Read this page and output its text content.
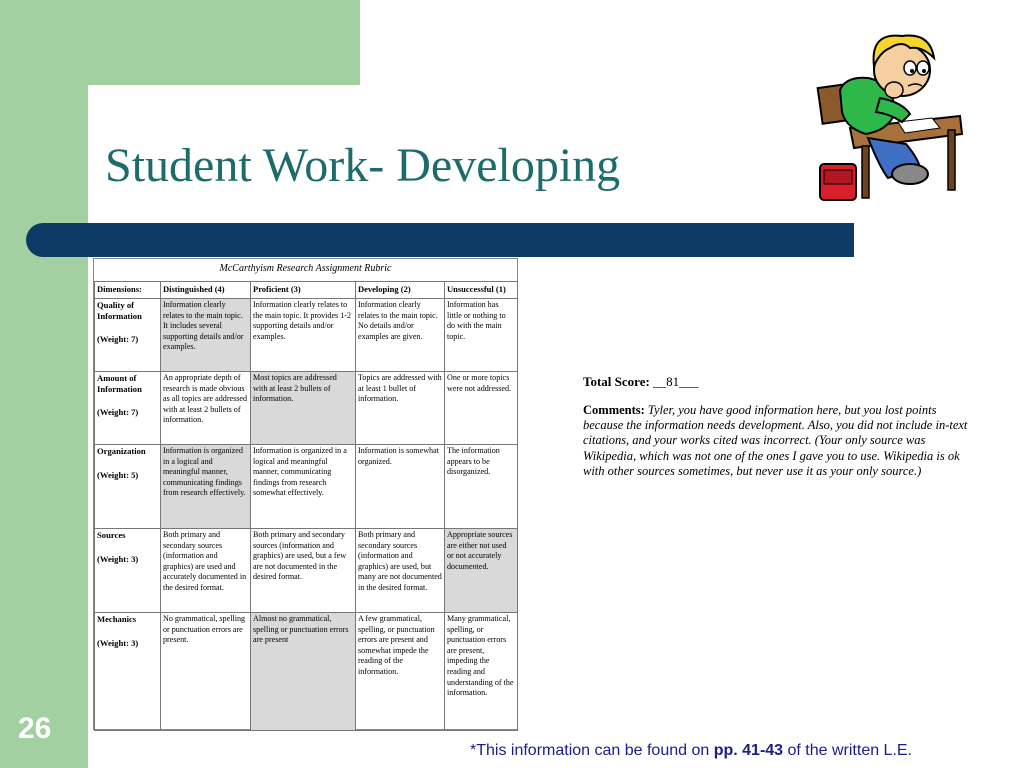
Student Work- Developing
McCarthyism Research Assignment Rubric
Dimensions:	Distinguished (4)	Proficient (3)	Developing (2)	Unsuccessful (1)
Quality of Information
(Weight: 7)	Information clearly relates to the main topic. It includes several supporting details and/or examples.	Information clearly relates to the main topic. It provides 1-2 supporting details and/or examples.	Information clearly relates to the main topic. No details and/or examples are given.	Information has little or nothing to do with the main topic.
Amount of Information
(Weight: 7)	An appropriate depth of research is made obvious as all topics are addressed with at least 2 bullets of information.	Most topics are addressed with at least 2 bullets of information.	Topics are addressed with at least 1 bullet of information.	One or more topics were not addressed.
Organization
(Weight: 5)	Information is organized in a logical and meaningful manner, communicating findings from research effectively.	Information is organized in a logical and meaningful manner, communicating findings from research somewhat effectively.	Information is somewhat organized.	The information appears to be disorganized.
Sources
(Weight: 3)	Both primary and secondary sources (information and graphics) are used and accurately documented in the desired format.	Both primary and secondary sources (information and graphics) are used, but a few are not documented in the desired format.	Both primary and secondary sources (information and graphics) are used, but many are not documented in the desired format.	Appropriate sources are either not used or not accurately documented.
Mechanics
(Weight: 3)	No grammatical, spelling or punctuation errors are present.	Almost no grammatical, spelling or punctuation errors are present	A few grammatical, spelling, or punctuation errors are present and somewhat impede the reading of the information.	Many grammatical, spelling, or punctuation errors are present, impeding the reading and understanding of the information.
Total Score: __81___
Comments: Tyler, you have good information here, but you lost points because the information needs development. Also, you did not include in-text citations, and your works cited was incorrect. (Your only source was Wikipedia, which was not one of the ones I gave you to use. Wikipedia is ok with other sources sometimes, but never use it as your only source.)
26
*This information can be found on pp. 41-43 of the written L.E.
